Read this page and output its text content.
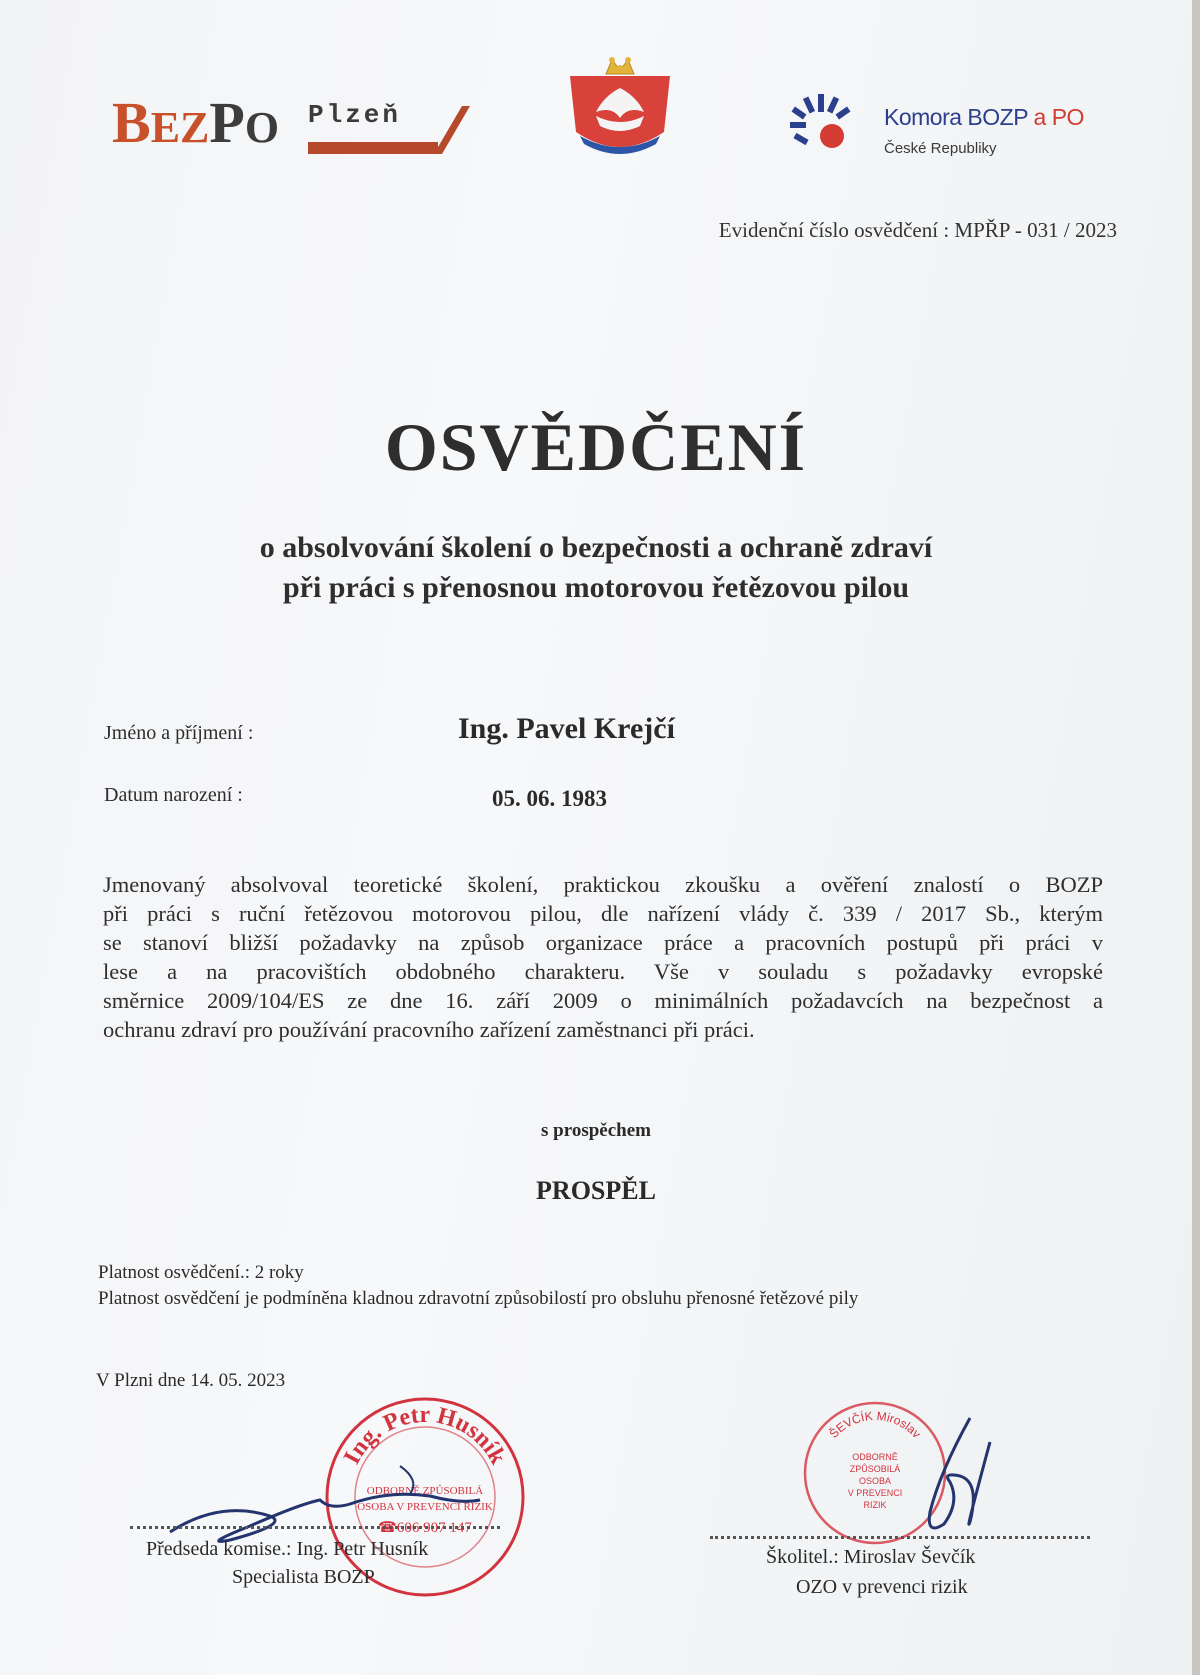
BEZPO	Plzeň	Komora BOZP a PO
České Republiky
Evidenční číslo osvědčení : MPŘP - 031 / 2023
OSVĚDČENÍ
o absolvování školení o bezpečnosti a ochraně zdraví
při práci s přenosnou motorovou řetězovou pilou
Jméno a příjmení :	Ing. Pavel Krejčí
Datum narození :	05. 06. 1983
Jmenovaný absolvoval teoretické školení, praktickou zkoušku a ověření znalostí o BOZP
při práci s ruční řetězovou motorovou pilou, dle nařízení vlády č. 339 / 2017 Sb., kterým
se stanoví bližší požadavky na způsob organizace práce a pracovních postupů při práci v
lese a na pracovištích obdobného charakteru. Vše v souladu s požadavky evropské
směrnice 2009/104/ES ze dne 16. září 2009 o minimálních požadavcích na bezpečnost a
ochranu zdraví pro používání pracovního zařízení zaměstnanci při práci.
s prospěchem
PROSPĚL
Platnost osvědčení.: 2 roky
Platnost osvědčení je podmíněna kladnou zdravotní způsobilostí pro obsluhu přenosné řetězové pily
V Plzni dne 14. 05. 2023
Ing. Petr Husník
ODBORNĚ ZPŮSOBILÁ
OSOBA V PREVENCI RIZIK
☎606 907 147
ŠEVČÍK Miroslav
ODBORNĚ
ZPŮSOBILÁ
OSOBA
V PREVENCI
RIZIK
Předseda komise.: Ing. Petr Husník
Specialista BOZP
Školitel.: Miroslav Ševčík
OZO v prevenci rizik
